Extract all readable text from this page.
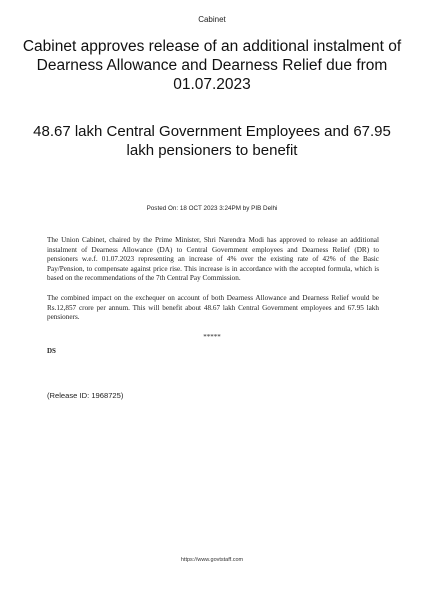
Cabinet
Cabinet approves release of an additional instalment of Dearness Allowance and Dearness Relief due from 01.07.2023
48.67 lakh Central Government Employees and 67.95 lakh pensioners to benefit
Posted On: 18 OCT 2023 3:24PM by PIB Delhi

The Union Cabinet, chaired by the Prime Minister, Shri Narendra Modi has approved to release an additional instalment of Dearness Allowance (DA) to Central Government employees and Dearness Relief (DR) to pensioners w.e.f. 01.07.2023 representing an increase of 4% over the existing rate of 42% of the Basic Pay/Pension, to compensate against price rise. This increase is in accordance with the accepted formula, which is based on the recommendations of the 7th Central Pay Commission.

The combined impact on the exchequer on account of both Dearness Allowance and Dearness Relief would be Rs.12,857 crore per annum. This will benefit about 48.67 lakh Central Government employees and 67.95 lakh pensioners.

*****
DS
(Release ID: 1968725)
https://www.govtstaff.com
